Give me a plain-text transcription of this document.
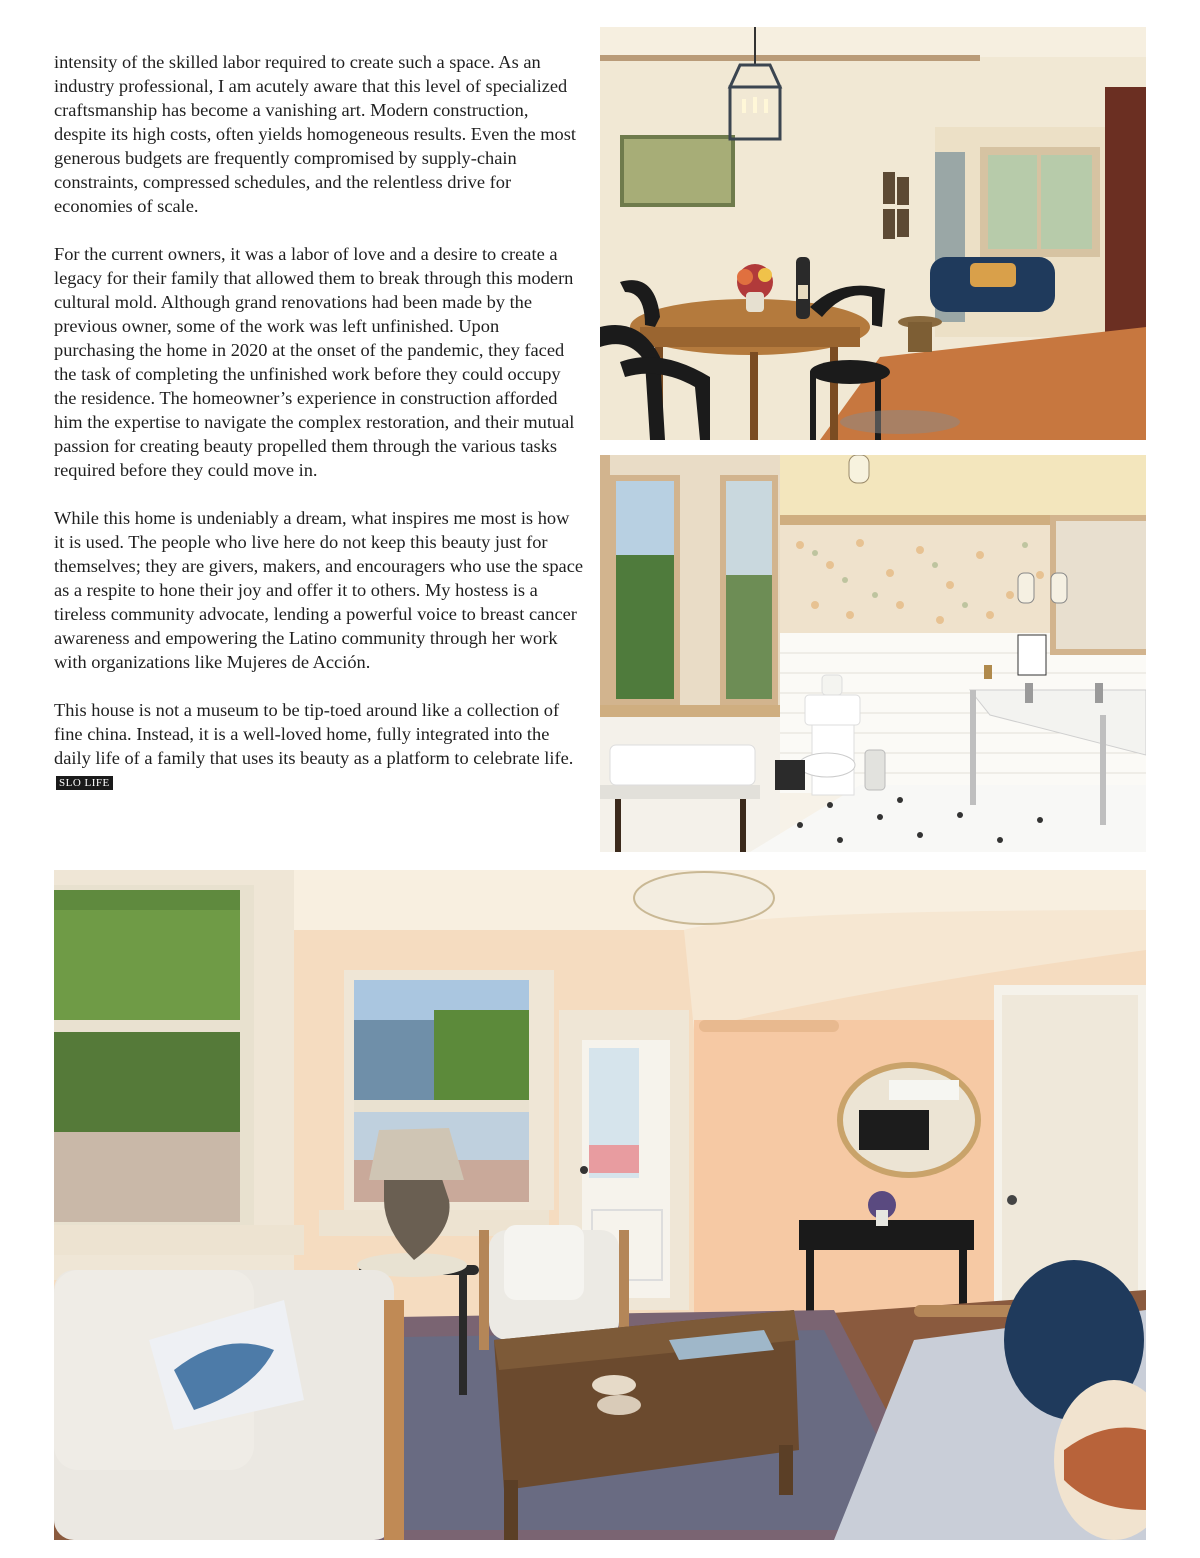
intensity of the skilled labor required to create such a space. As an industry professional, I am acutely aware that this level of specialized craftsmanship has become a vanishing art. Modern construction, despite its high costs, often yields homogeneous results. Even the most generous budgets are frequently compromised by supply-chain constraints, compressed schedules, and the relentless drive for economies of scale.

For the current owners, it was a labor of love and a desire to create a legacy for their family that allowed them to break through this modern cultural mold. Although grand renovations had been made by the previous owner, some of the work was left unfinished. Upon purchasing the home in 2020 at the onset of the pandemic, they faced the task of completing the unfinished work before they could occupy the residence. The homeowner’s experience in construction afforded him the expertise to navigate the complex restoration, and their mutual passion for creating beauty propelled them through the various tasks required before they could move in.

While this home is undeniably a dream, what inspires me most is how it is used. The people who live here do not keep this beauty just for themselves; they are givers, makers, and encouragers who use the space as a respite to hone their joy and offer it to others. My hostess is a tireless community advocate, lending a powerful voice to breast cancer awareness and empowering the Latino community through her work with organizations like Mujeres de Acción.

This house is not a museum to be tip-toed around like a collection of fine china. Instead, it is a well-loved home, fully integrated into the daily life of a family that uses its beauty as a platform to celebrate life. SLO LIFE
